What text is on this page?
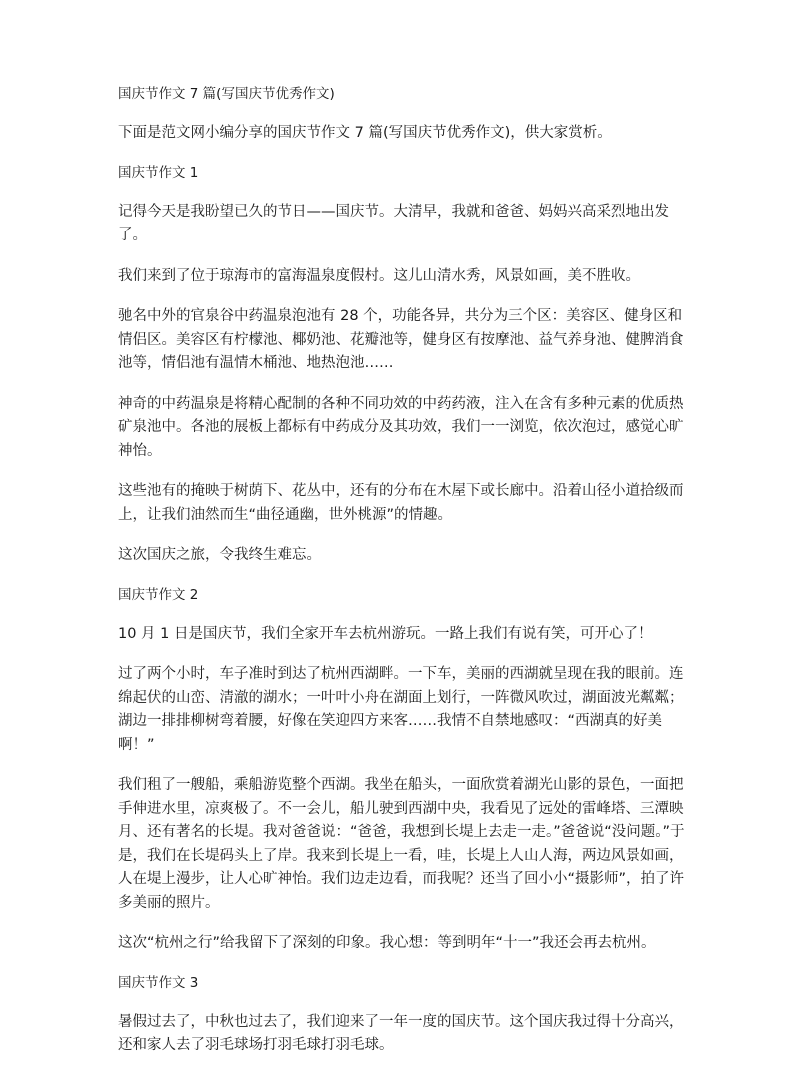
国庆节作文 7 篇(写国庆节优秀作文)
下面是范文网小编分享的国庆节作文 7 篇(写国庆节优秀作文)，供大家赏析。
国庆节作文 1
记得今天是我盼望已久的节日——国庆节。大清早，我就和爸爸、妈妈兴高采烈地出发了。
我们来到了位于琼海市的富海温泉度假村。这儿山清水秀，风景如画，美不胜收。
驰名中外的官泉谷中药温泉泡池有 28 个，功能各异，共分为三个区：美容区、健身区和情侣区。美容区有柠檬池、椰奶池、花瓣池等，健身区有按摩池、益气养身池、健脾消食池等，情侣池有温情木桶池、地热泡池……
神奇的中药温泉是将精心配制的各种不同功效的中药药液，注入在含有多种元素的优质热矿泉池中。各池的展板上都标有中药成分及其功效，我们一一浏览，依次泡过，感觉心旷神怡。
这些池有的掩映于树荫下、花丛中，还有的分布在木屋下或长廊中。沿着山径小道拾级而上，让我们油然而生“曲径通幽，世外桃源”的情趣。
这次国庆之旅，令我终生难忘。
国庆节作文 2
10 月 1 日是国庆节，我们全家开车去杭州游玩。一路上我们有说有笑，可开心了！
过了两个小时，车子准时到达了杭州西湖畔。一下车，美丽的西湖就呈现在我的眼前。连绵起伏的山峦、清澈的湖水；一叶叶小舟在湖面上划行，一阵微风吹过，湖面波光粼粼；湖边一排排柳树弯着腰，好像在笑迎四方来客……我情不自禁地感叹：“西湖真的好美啊！”
我们租了一艘船，乘船游览整个西湖。我坐在船头，一面欣赏着湖光山影的景色，一面把手伸进水里，凉爽极了。不一会儿，船儿驶到西湖中央，我看见了远处的雷峰塔、三潭映月、还有著名的长堤。我对爸爸说：“爸爸，我想到长堤上去走一走。”爸爸说“没问题。”于是，我们在长堤码头上了岸。我来到长堤上一看，哇，长堤上人山人海，两边风景如画，人在堤上漫步，让人心旷神怡。我们边走边看，而我呢？还当了回小小“摄影师”，拍了许多美丽的照片。
这次“杭州之行”给我留下了深刻的印象。我心想：等到明年“十一”我还会再去杭州。
国庆节作文 3
暑假过去了，中秋也过去了，我们迎来了一年一度的国庆节。这个国庆我过得十分高兴，还和家人去了羽毛球场打羽毛球打羽毛球。
